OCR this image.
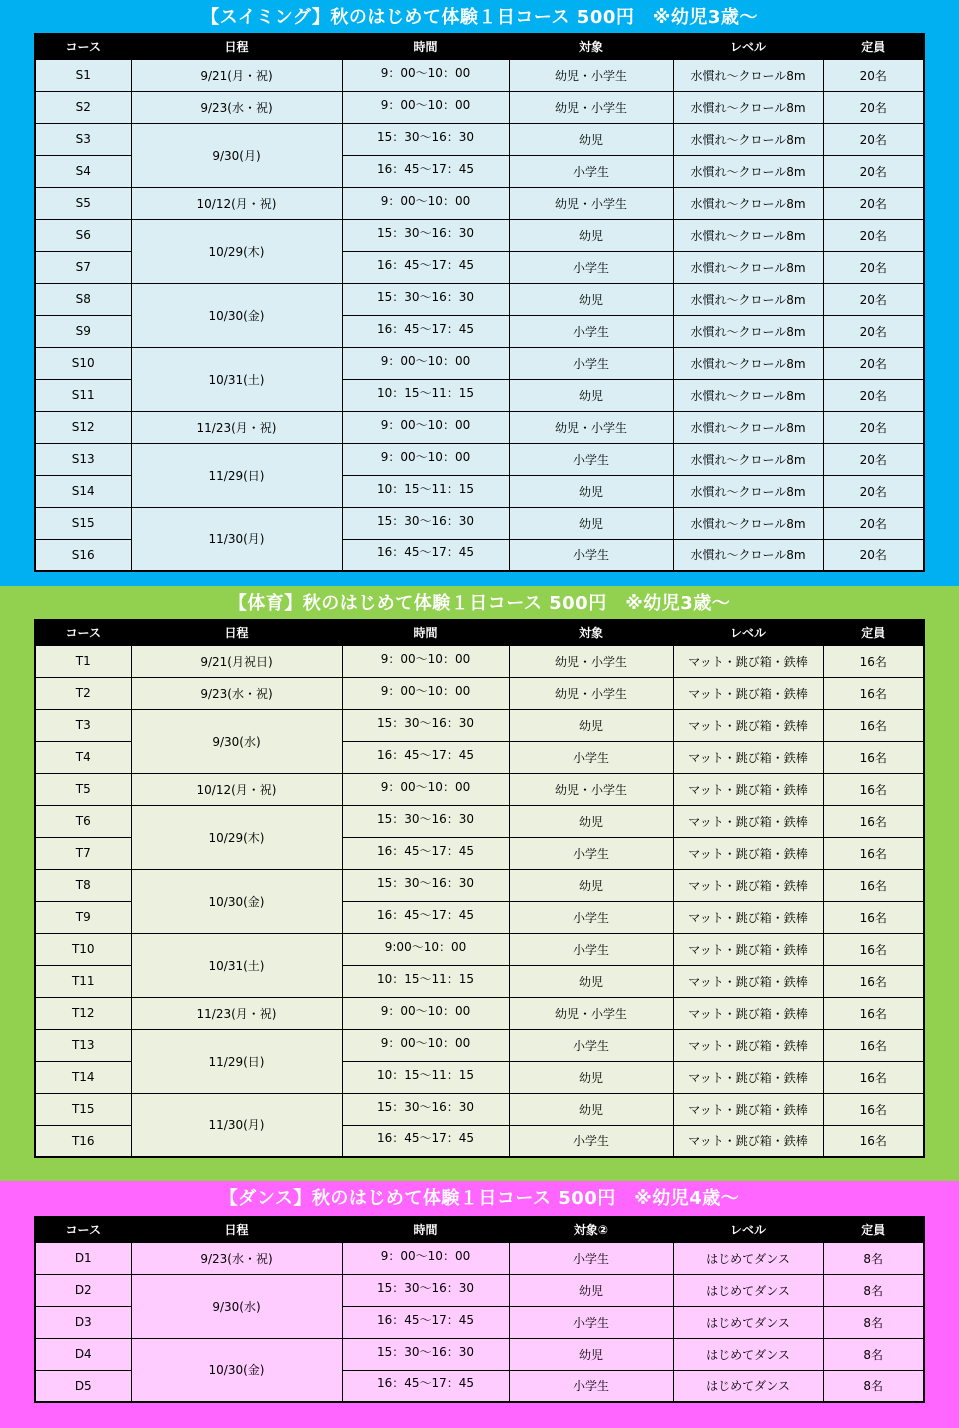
【スイミング】秋のはじめて体験１日コース 500円　※幼児3歳～
コース	日程	時間	対象	レベル	定員
S1	9/21(月・祝)	9：00～10：00	幼児・小学生	水慣れ～クロール8m	20名
S2	9/23(水・祝)	9：00～10：00	幼児・小学生	水慣れ～クロール8m	20名
S3	9/30(月)	15：30～16：30	幼児	水慣れ～クロール8m	20名
S4		16：45～17：45	小学生	水慣れ～クロール8m	20名
S5	10/12(月・祝)	9：00～10：00	幼児・小学生	水慣れ～クロール8m	20名
S6	10/29(木)	15：30～16：30	幼児	水慣れ～クロール8m	20名
S7		16：45～17：45	小学生	水慣れ～クロール8m	20名
S8	10/30(金)	15：30～16：30	幼児	水慣れ～クロール8m	20名
S9		16：45～17：45	小学生	水慣れ～クロール8m	20名
S10	10/31(土)	9：00～10：00	小学生	水慣れ～クロール8m	20名
S11		10：15～11：15	幼児	水慣れ～クロール8m	20名
S12	11/23(月・祝)	9：00～10：00	幼児・小学生	水慣れ～クロール8m	20名
S13	11/29(日)	9：00～10：00	小学生	水慣れ～クロール8m	20名
S14		10：15～11：15	幼児	水慣れ～クロール8m	20名
S15	11/30(月)	15：30～16：30	幼児	水慣れ～クロール8m	20名
S16		16：45～17：45	小学生	水慣れ～クロール8m	20名
【体育】秋のはじめて体験１日コース 500円　※幼児3歳～
コース	日程	時間	対象	レベル	定員
T1	9/21(月祝日)	9：00～10：00	幼児・小学生	マット・跳び箱・鉄棒	16名
T2	9/23(水・祝)	9：00～10：00	幼児・小学生	マット・跳び箱・鉄棒	16名
T3	9/30(水)	15：30～16：30	幼児	マット・跳び箱・鉄棒	16名
T4		16：45～17：45	小学生	マット・跳び箱・鉄棒	16名
T5	10/12(月・祝)	9：00～10：00	幼児・小学生	マット・跳び箱・鉄棒	16名
T6	10/29(木)	15：30～16：30	幼児	マット・跳び箱・鉄棒	16名
T7		16：45～17：45	小学生	マット・跳び箱・鉄棒	16名
T8	10/30(金)	15：30～16：30	幼児	マット・跳び箱・鉄棒	16名
T9		16：45～17：45	小学生	マット・跳び箱・鉄棒	16名
T10	10/31(土)	9:00～10：00	小学生	マット・跳び箱・鉄棒	16名
T11		10：15～11：15	幼児	マット・跳び箱・鉄棒	16名
T12	11/23(月・祝)	9：00～10：00	幼児・小学生	マット・跳び箱・鉄棒	16名
T13	11/29(日)	9：00～10：00	小学生	マット・跳び箱・鉄棒	16名
T14		10：15～11：15	幼児	マット・跳び箱・鉄棒	16名
T15	11/30(月)	15：30～16：30	幼児	マット・跳び箱・鉄棒	16名
T16		16：45～17：45	小学生	マット・跳び箱・鉄棒	16名
【ダンス】秋のはじめて体験１日コース 500円　※幼児4歳～
コース	日程	時間	対象②	レベル	定員
D1	9/23(水・祝)	9：00～10：00	小学生	はじめてダンス	8名
D2	9/30(水)	15：30～16：30	幼児	はじめてダンス	8名
D3		16：45～17：45	小学生	はじめてダンス	8名
D4	10/30(金)	15：30～16：30	幼児	はじめてダンス	8名
D5		16：45～17：45	小学生	はじめてダンス	8名
